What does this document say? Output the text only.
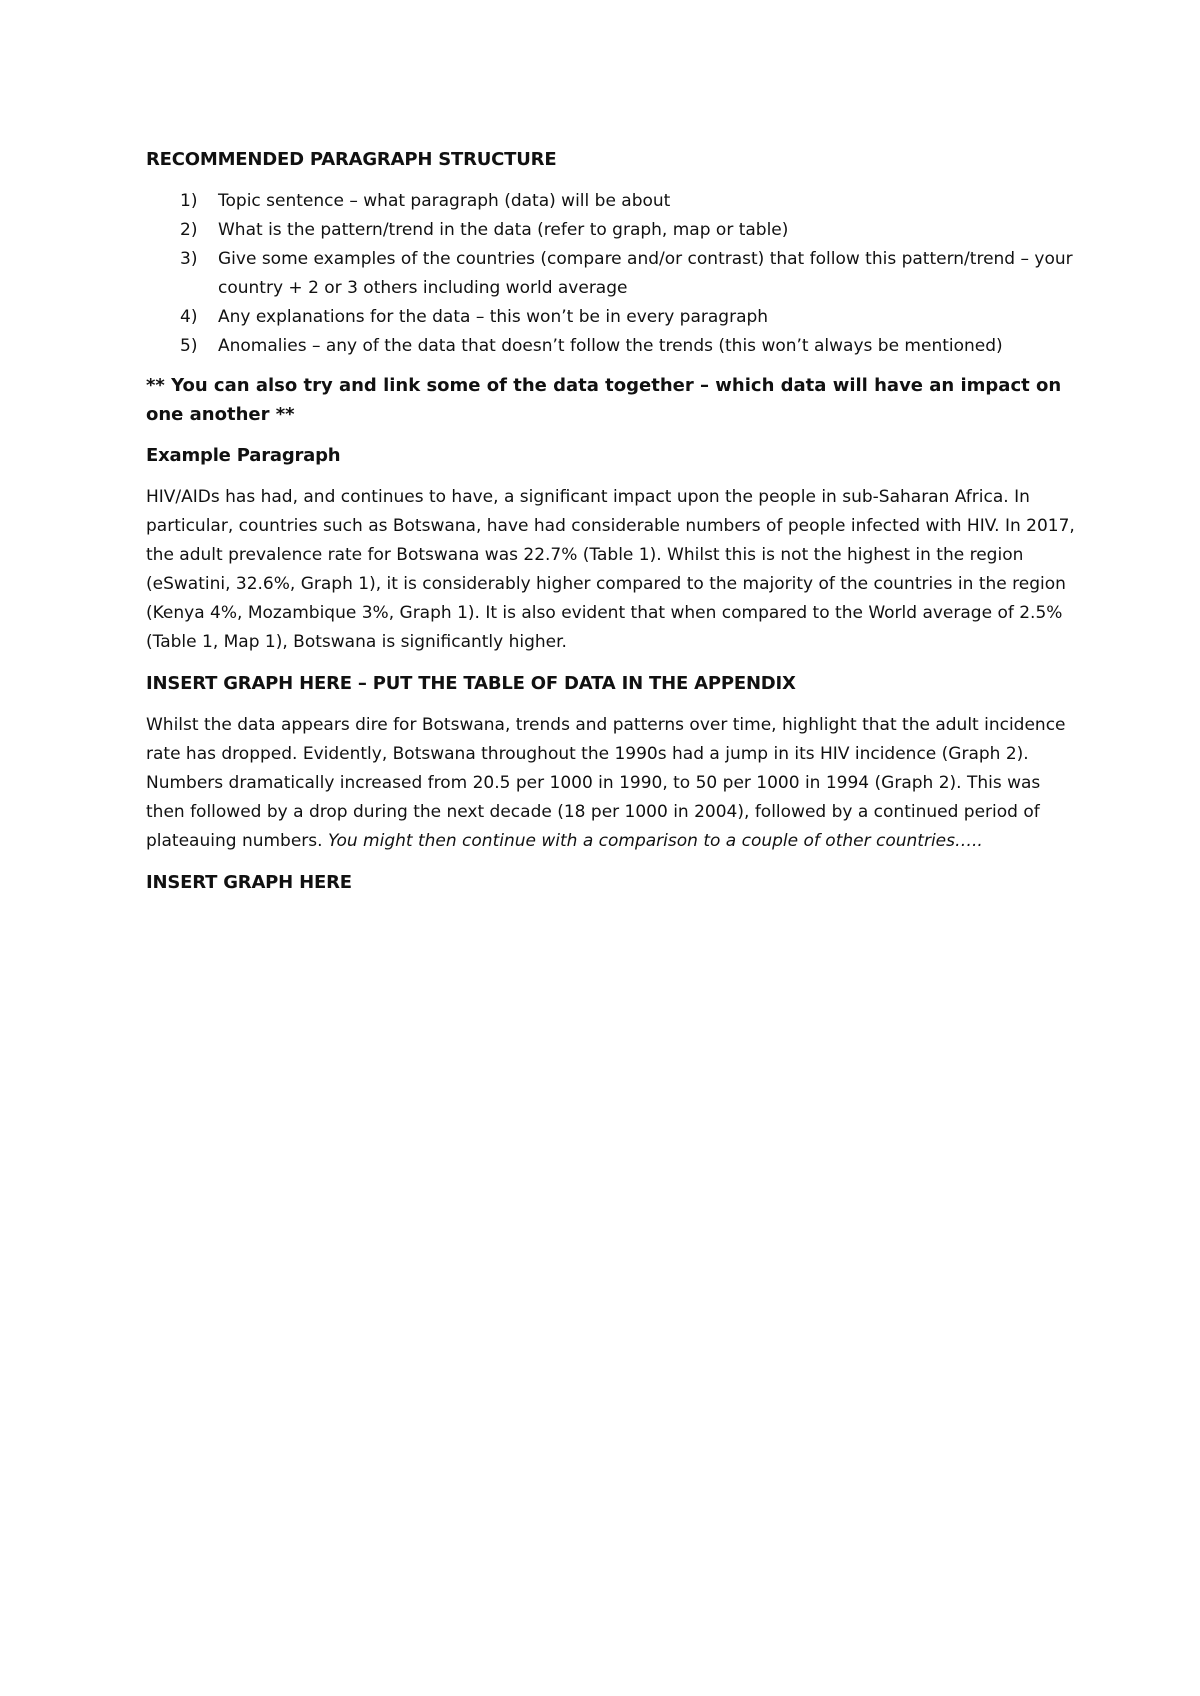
RECOMMENDED PARAGRAPH STRUCTURE
1) Topic sentence – what paragraph (data) will be about
2) What is the pattern/trend in the data (refer to graph, map or table)
3) Give some examples of the countries (compare and/or contrast) that follow this pattern/trend – your country + 2 or 3 others including world average
4) Any explanations for the data – this won’t be in every paragraph
5) Anomalies – any of the data that doesn’t follow the trends (this won’t always be mentioned)
** You can also try and link some of the data together – which data will have an impact on one another **
Example Paragraph

HIV/AIDs has had, and continues to have, a significant impact upon the people in sub-Saharan Africa. In particular, countries such as Botswana, have had considerable numbers of people infected with HIV. In 2017, the adult prevalence rate for Botswana was 22.7% (Table 1). Whilst this is not the highest in the region (eSwatini, 32.6%, Graph 1), it is considerably higher compared to the majority of the countries in the region (Kenya 4%, Mozambique 3%, Graph 1). It is also evident that when compared to the World average of 2.5% (Table 1, Map 1), Botswana is significantly higher.

INSERT GRAPH HERE – PUT THE TABLE OF DATA IN THE APPENDIX

Whilst the data appears dire for Botswana, trends and patterns over time, highlight that the adult incidence rate has dropped. Evidently, Botswana throughout the 1990s had a jump in its HIV incidence (Graph 2). Numbers dramatically increased from 20.5 per 1000 in 1990, to 50 per 1000 in 1994 (Graph 2). This was then followed by a drop during the next decade (18 per 1000 in 2004), followed by a continued period of plateauing numbers. You might then continue with a comparison to a couple of other countries…..

INSERT GRAPH HERE
